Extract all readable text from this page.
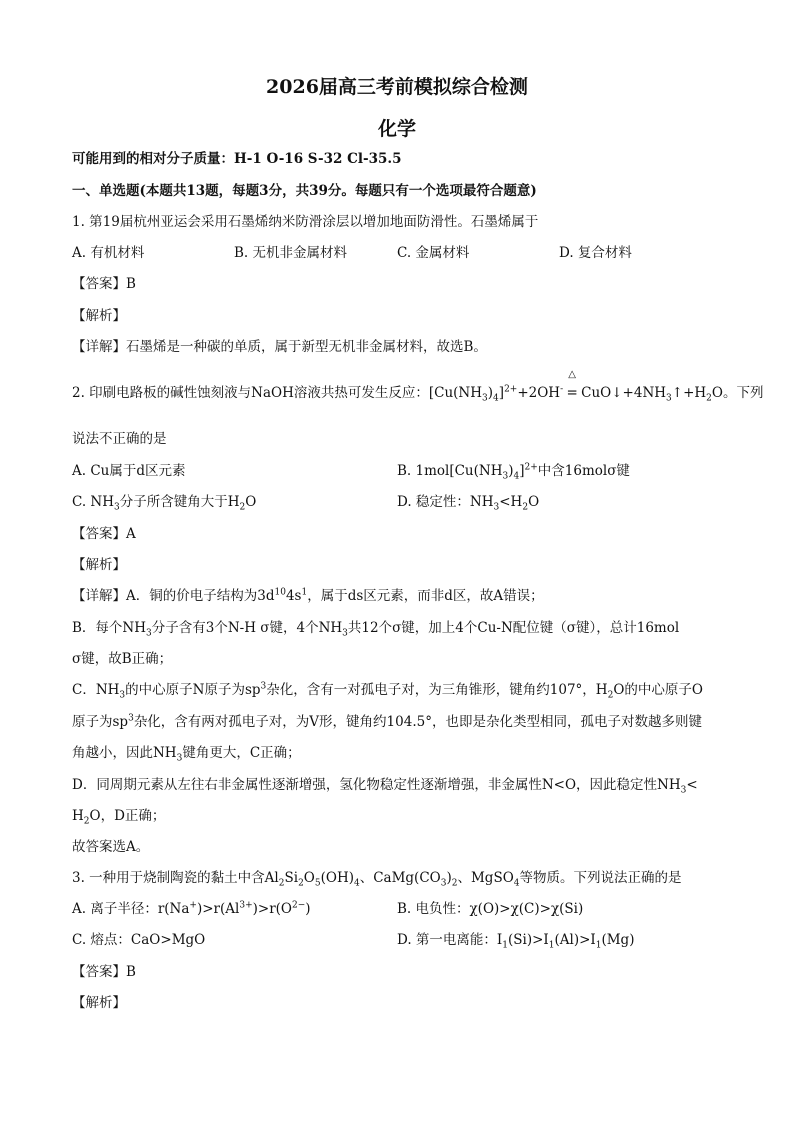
2026届高三考前模拟综合检测
化学
可能用到的相对分子质量：H-1 O-16 S-32 Cl-35.5
一、单选题(本题共13题，每题3分，共39分。每题只有一个选项最符合题意)
1. 第19届杭州亚运会采用石墨烯纳米防滑涂层以增加地面防滑性。石墨烯属于
A. 有机材料	B. 无机非金属材料	C. 金属材料	D. 复合材料
【答案】B
【解析】
【详解】石墨烯是一种碳的单质，属于新型无机非金属材料，故选B。
2. 印刷电路板的碱性蚀刻液与NaOH溶液共热可发生反应：$[Cu(NH_3)_4]^{2+}+2OH^-$
△
= $CuO↓+4NH_3↑+H_2O$。下列
说法不正确的是
A. Cu属于d区元素	B. $1mol[Cu(NH_3)_4]^{2+}$中含16molσ键
C. $NH_3$分子所含键角大于$H_2O$	D. 稳定性：$NH_3<H_2O$
【答案】A
【解析】
【详解】A．铜的价电子结构为$3d^{10}4s^1$，属于ds区元素，而非d区，故A错误；
B．每个$NH_3$分子含有3个N-H σ键，4个$NH_3$共12个σ键，加上4个Cu-N配位键（σ键），总计16mol
σ键，故B正确；
C．$NH_3$的中心原子N原子为$sp^3$杂化，含有一对孤电子对，为三角锥形，键角约107°，$H_2O$的中心原子O
原子为$sp^3$杂化，含有两对孤电子对，为V形，键角约104.5°，也即是杂化类型相同，孤电子对数越多则键
角越小，因此$NH_3$键角更大，C正确；
D．同周期元素从左往右非金属性逐渐增强，氢化物稳定性逐渐增强，非金属性N<O，因此稳定性$NH_3<$
$H_2O$，D正确；
故答案选A。
3. 一种用于烧制陶瓷的黏土中含$Al_2Si_2O_5(OH)_4$、$CaMg(CO_3)_2$、MgSO$_4$等物质。下列说法正确的是
A. 离子半径：$r(Na^+)>r(Al^{3+})>r(O^{2-})$	B. 电负性：χ(O)>χ(C)>χ(Si)
C. 熔点：CaO>MgO	D. 第一电离能：$I_1(Si)>I_1(Al)>I_1(Mg)$
【答案】B
【解析】
